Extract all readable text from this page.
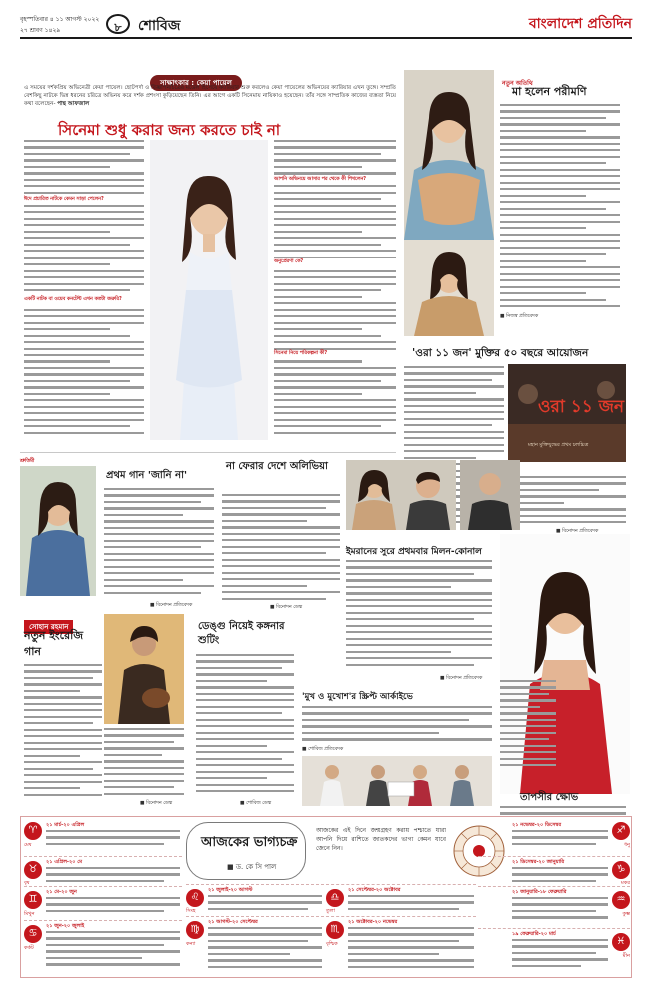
বৃহস্পতিবার ৪ ১১ আগস্ট ২০২২
২৭ শ্রাবণ ১৪২৯	৮	শোবিজ	বাংলাদেশ প্রতিদিন
সাক্ষাৎকার : কেয়া পায়েল
এ সময়ের দর্শকপ্রিয় অভিনেত্রী কেয়া পায়েল। ছোটপর্দা ও বিজ্ঞাপনচিত্রের মডেল হিসেবে ক্যারিয়ার শুরু করলেও কেয়া পায়েলের অভিনয়ের ক্যারিয়ার এখন তুঙ্গে। সম্প্রতি বেশকিছু নাটকে ভিন্ন ধরনের চরিত্রে অভিনয় করে দর্শক প্রশংসা কুড়িয়েছেন তিনি। এর আগে একটি সিনেমায় নায়িকাও হয়েছেন। তাঁর সঙ্গে সাম্প্রতিক কাজের ব্যস্ততা নিয়ে কথা বলেছেন- পান্থ আফজাল
সিনেমা শুধু করার জন্য করতে চাই না
ঈদে প্রচারিত নাটকে কেমন সাড়া পেলেন?
একটি নাটক বা ওয়েব কনটেন্ট এখন কতটা জরুরি?
আপনি অভিনয়ে আসার পর থেকে কী শিখলেন?
অনুপ্রেরণা কে?
সিনেমা নিয়ে পরিকল্পনা কী?
নতুন অতিথি
মা হলেন পরীমণি
■ নিজস্ব প্রতিবেদক
'ওরা ১১ জন' মুক্তির ৫০ বছরে আয়োজন
ওরা ১১ জন
মহান মুক্তিযুদ্ধের প্রথম চলচ্চিত্র
■ বিনোদন প্রতিবেদক
শ্রুতিমী
প্রথম গান 'জানি না'
■ বিনোদন প্রতিবেদক
না ফেরার দেশে অলিভিয়া
■ বিনোদন ডেস্ক
ইমরানের সুরে প্রথমবার মিলন-কোনাল
■ বিনোদন প্রতিবেদক
তাপসীর ক্ষোভ
সোহান রহমান
নতুন ইংরেজি গান
■ বিনোদন ডেস্ক
ডেঙ্গু নিয়েই কঙ্গনার শুটিং
■ শোবিজ ডেস্ক
'মুখ ও মুখোশ'র স্ক্রিপ্ট আর্কাইভে
■ শোবিজ প্রতিবেদক
আজকের ভাগ্যচক্র
■ ড. কে সি পাল
আজকের এই দিনে জন্মগ্রহণ করায় পশ্চাতে যারা আপনি দিয়ে রাশিতে জাতকদের ভাগ্য কেমন যাবে জেনে নিন।
♈	২১ মার্চ-২০ এপ্রিল
মেষ
♉
২১ এপ্রিল-২০ মে
বৃষ
♊
২১ মে-২০ জুন
মিথুন
♋
২১ জুন-২০ জুলাই
কর্কট
♌
২১ জুলাই-২০ আগস্ট
সিংহ
♍
২১ আগস্ট-২০ সেপ্টেম্বর
কন্যা
♎
২১ সেপ্টেম্বর-২০ অক্টোবর
তুলা
♏
২১ অক্টোবর-২০ নভেম্বর
বৃশ্চিক
♐
২১ নভেম্বর-২০ ডিসেম্বর
ধনু
♑
২১ ডিসেম্বর-২০ জানুয়ারি
মকর
♒
২১ জানুয়ারি-১৮ ফেব্রুয়ারি
কুম্ভ
♓
১৯ ফেব্রুয়ারি-২০ মার্চ
মীন
